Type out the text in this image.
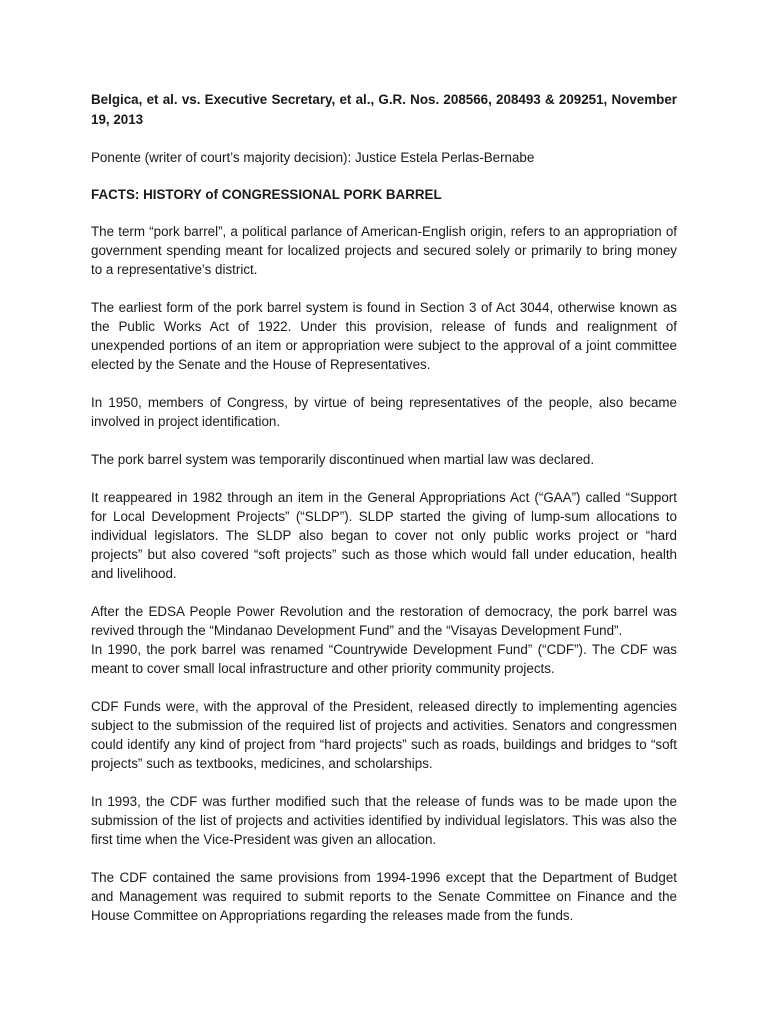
Belgica, et al. vs. Executive Secretary, et al., G.R. Nos. 208566, 208493 & 209251, November 19, 2013

Ponente (writer of court’s majority decision): Justice Estela Perlas-Bernabe

FACTS: HISTORY of CONGRESSIONAL PORK BARREL

The term “pork barrel”, a political parlance of American-English origin, refers to an appropriation of government spending meant for localized projects and secured solely or primarily to bring money to a representative’s district.

The earliest form of the pork barrel system is found in Section 3 of Act 3044, otherwise known as the Public Works Act of 1922. Under this provision, release of funds and realignment of unexpended portions of an item or appropriation were subject to the approval of a joint committee elected by the Senate and the House of Representatives.

In 1950, members of Congress, by virtue of being representatives of the people, also became involved in project identification.

The pork barrel system was temporarily discontinued when martial law was declared.

It reappeared in 1982 through an item in the General Appropriations Act (“GAA”) called “Support for Local Development Projects” (“SLDP”). SLDP started the giving of lump-sum allocations to individual legislators. The SLDP also began to cover not only public works project or “hard projects” but also covered “soft projects” such as those which would fall under education, health and livelihood.

After the EDSA People Power Revolution and the restoration of democracy, the pork barrel was revived through the “Mindanao Development Fund” and the “Visayas Development Fund”.

In 1990, the pork barrel was renamed “Countrywide Development Fund” (“CDF”). The CDF was meant to cover small local infrastructure and other priority community projects.

CDF Funds were, with the approval of the President, released directly to implementing agencies subject to the submission of the required list of projects and activities. Senators and congressmen could identify any kind of project from “hard projects” such as roads, buildings and bridges to “soft projects” such as textbooks, medicines, and scholarships.

In 1993, the CDF was further modified such that the release of funds was to be made upon the submission of the list of projects and activities identified by individual legislators. This was also the first time when the Vice-President was given an allocation.

The CDF contained the same provisions from 1994-1996 except that the Department of Budget and Management was required to submit reports to the Senate Committee on Finance and the House Committee on Appropriations regarding the releases made from the funds.
